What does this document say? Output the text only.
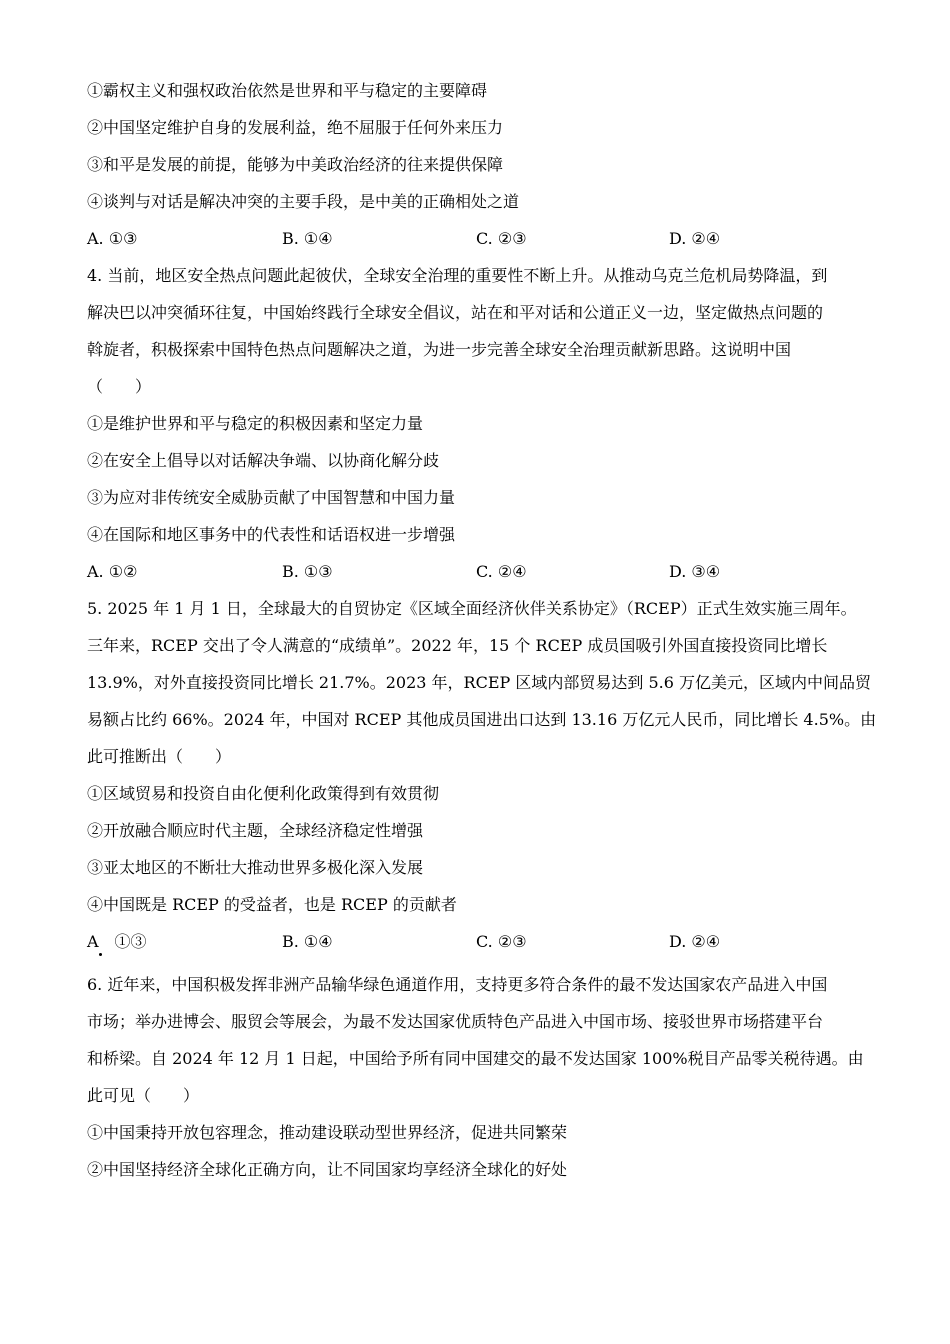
①霸权主义和强权政治依然是世界和平与稳定的主要障碍
②中国坚定维护自身的发展利益，绝不屈服于任何外来压力
③和平是发展的前提，能够为中美政治经济的往来提供保障
④谈判与对话是解决冲突的主要手段，是中美的正确相处之道
A. ①③	B. ①④	C. ②③	D. ②④
4. 当前，地区安全热点问题此起彼伏，全球安全治理的重要性不断上升。从推动乌克兰危机局势降温，到
解决巴以冲突循环往复，中国始终践行全球安全倡议，站在和平对话和公道正义一边，坚定做热点问题的
斡旋者，积极探索中国特色热点问题解决之道，为进一步完善全球安全治理贡献新思路。这说明中国
（　　）
①是维护世界和平与稳定的积极因素和坚定力量
②在安全上倡导以对话解决争端、以协商化解分歧
③为应对非传统安全威胁贡献了中国智慧和中国力量
④在国际和地区事务中的代表性和话语权进一步增强
A. ①②	B. ①③	C. ②④	D. ③④
5. 2025 年 1 月 1 日，全球最大的自贸协定《区域全面经济伙伴关系协定》（RCEP）正式生效实施三周年。
三年来，RCEP 交出了令人满意的“成绩单”。2022 年，15 个 RCEP 成员国吸引外国直接投资同比增长
13.9%，对外直接投资同比增长 21.7%。2023 年，RCEP 区域内部贸易达到 5.6 万亿美元，区域内中间品贸
易额占比约 66%。2024 年，中国对 RCEP 其他成员国进出口达到 13.16 万亿元人民币，同比增长 4.5%。由
此可推断出（　　）
①区域贸易和投资自由化便利化政策得到有效贯彻
②开放融合顺应时代主题，全球经济稳定性增强
③亚太地区的不断壮大推动世界多极化深入发展
④中国既是 RCEP 的受益者，也是 RCEP 的贡献者
A　①③	B. ①④	C. ②③	D. ②④
6. 近年来，中国积极发挥非洲产品输华绿色通道作用，支持更多符合条件的最不发达国家农产品进入中国
市场；举办进博会、服贸会等展会，为最不发达国家优质特色产品进入中国市场、接驳世界市场搭建平台
和桥梁。自 2024 年 12 月 1 日起，中国给予所有同中国建交的最不发达国家 100%税目产品零关税待遇。由
此可见（　　）
①中国秉持开放包容理念，推动建设联动型世界经济，促进共同繁荣
②中国坚持经济全球化正确方向，让不同国家均享经济全球化的好处
